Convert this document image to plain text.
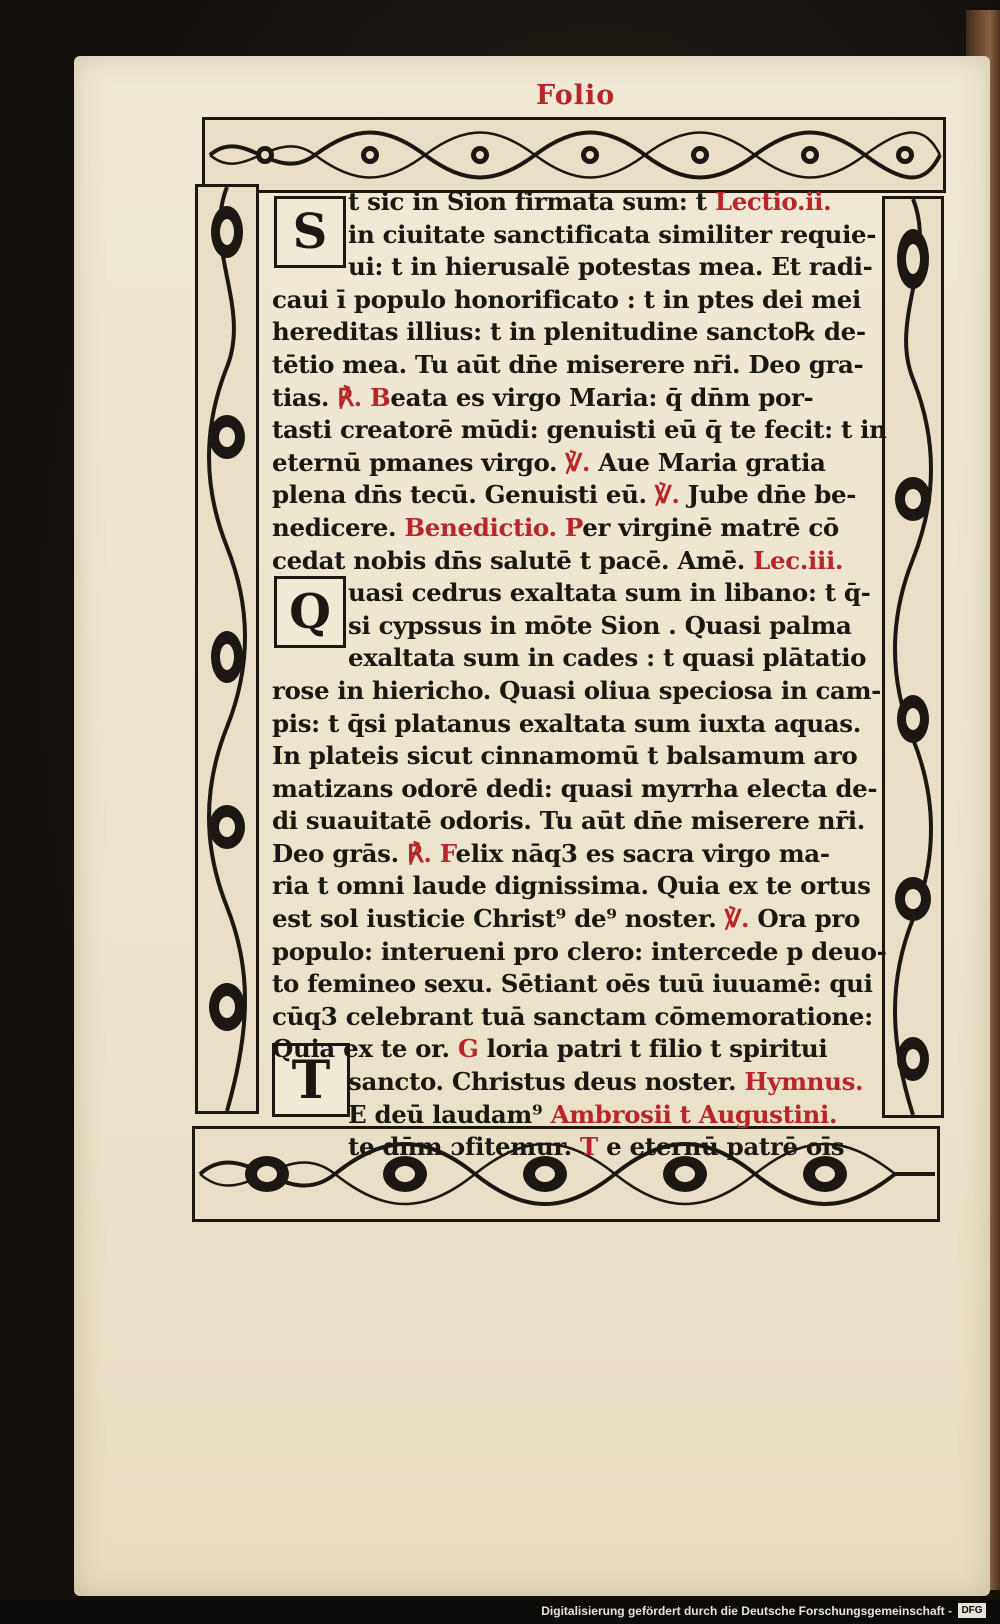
Folio
S
Q
T
t sic in Sion firmata sum: t Lectio.ii.
in ciuitate sanctificata similiter requie-
ui: t in hierusalē potestas mea. Et radi-
caui ī populo honorificato : t in ptes dei mei
hereditas illius: t in plenitudine sancto℞ de-
tētio mea. Tu aūt dn̄e miserere nr̄i. Deo gra-
tias. ℟. Beata es virgo Maria: q̄ dn̄m por-
tasti creatorē mūdi: genuisti eū q̄ te fecit: t in
eternū pmanes virgo. ℣. Aue Maria gratia
plena dn̄s tecū. Genuisti eū. ℣. Jube dn̄e be-
nedicere. Benedictio. Per virginē matrē cō
cedat nobis dn̄s salutē t pacē. Amē. Lec.iii.
uasi cedrus exaltata sum in libano: t q̄-
si cypssus in mōte Sion . Quasi palma
exaltata sum in cades : t quasi plātatio
rose in hiericho. Quasi oliua speciosa in cam-
pis: t q̄si platanus exaltata sum iuxta aquas.
In plateis sicut cinnamomū t balsamum aro
matizans odorē dedi: quasi myrrha electa de-
di suauitatē odoris. Tu aūt dn̄e miserere nr̄i.
Deo grās. ℟. Felix nāq3 es sacra virgo ma-
ria t omni laude dignissima. Quia ex te ortus
est sol iusticie Christ⁹ de⁹ noster. ℣. Ora pro
populo: interueni pro clero: intercede p deuo-
to femineo sexu. Sētiant oēs tuū iuuamē: qui
cūq3 celebrant tuā sanctam cōmemoratione:
Quia ex te or. G loria patri t filio t spiritui
sancto. Christus deus noster. Hymnus.
E deū laudam⁹ Ambrosii t Augustini.
te dn̄m ɔfitemur. T e eternū patrē oīs
Digitalisierung gefördert durch die Deutsche Forschungsgemeinschaft - DFG
